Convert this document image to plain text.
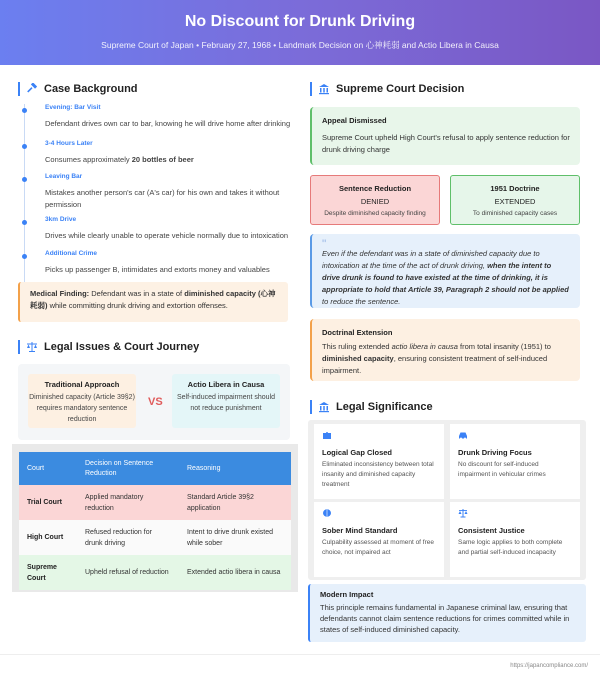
No Discount for Drunk Driving
Supreme Court of Japan • February 27, 1968 • Landmark Decision on 心神耗弱 and Actio Libera in Causa
Case Background
Evening: Bar Visit
Defendant drives own car to bar, knowing he will drive home after drinking
3-4 Hours Later
Consumes approximately 20 bottles of beer
Leaving Bar
Mistakes another person's car (A's car) for his own and takes it without permission
3km Drive
Drives while clearly unable to operate vehicle normally due to intoxication
Additional Crime
Picks up passenger B, intimidates and extorts money and valuables
Medical Finding: Defendant was in a state of diminished capacity (心神耗弱) while committing drunk driving and extortion offenses.
Legal Issues & Court Journey
Traditional Approach
Diminished capacity (Article 39§2) requires mandatory sentence reduction
VS
Actio Libera in Causa
Self-induced impairment should not reduce punishment
Court	Decision on Sentence Reduction	Reasoning
Trial Court	Applied mandatory reduction	Standard Article 39§2 application
High Court	Refused reduction for drunk driving	Intent to drive drunk existed while sober
Supreme Court	Upheld refusal of reduction	Extended actio libera in causa
Supreme Court Decision
Appeal Dismissed
Supreme Court upheld High Court's refusal to apply sentence reduction for drunk driving charge
Sentence Reduction
DENIED
Despite diminished capacity finding
1951 Doctrine
EXTENDED
To diminished capacity cases
"
Even if the defendant was in a state of diminished capacity due to intoxication at the time of the act of drunk driving, when the intent to drive drunk is found to have existed at the time of drinking, it is appropriate to hold that Article 39, Paragraph 2 should not be applied to reduce the sentence.
Doctrinal Extension
This ruling extended actio libera in causa from total insanity (1951) to diminished capacity, ensuring consistent treatment of self-induced impairment.
Legal Significance
Logical Gap Closed
Eliminated inconsistency between total insanity and diminished capacity treatment
Drunk Driving Focus
No discount for self-induced impairment in vehicular crimes
Sober Mind Standard
Culpability assessed at moment of free choice, not impaired act
Consistent Justice
Same logic applies to both complete and partial self-induced incapacity
Modern Impact
This principle remains fundamental in Japanese criminal law, ensuring that defendants cannot claim sentence reductions for crimes committed while in states of self-induced diminished capacity.
https://japancompliance.com/
